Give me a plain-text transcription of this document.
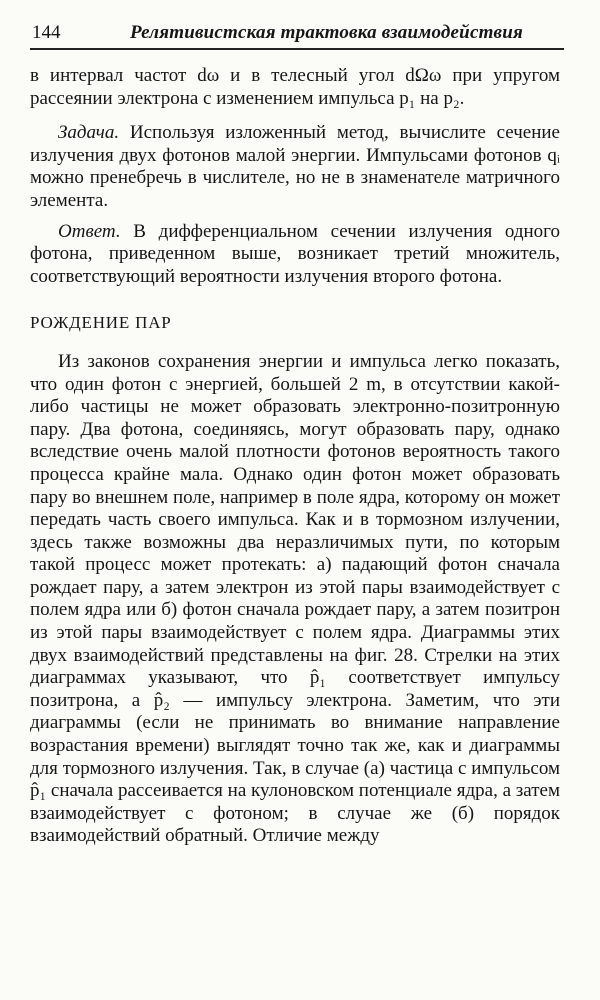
144	Релятивистская трактовка взаимодействия

в интервал частот dω и в телесный угол dΩω при упругом рассеянии электрона с изменением импульса p₁ на p₂.

Задача. Используя изложенный метод, вычислите сечение излучения двух фотонов малой энергии. Импульсами фотонов qᵢ можно пренебречь в числителе, но не в знаменателе матричного элемента.

Ответ. В дифференциальном сечении излучения одного фотона, приведенном выше, возникает третий множитель, соответствующий вероятности излучения второго фотона.

РОЖДЕНИЕ ПАР

Из законов сохранения энергии и импульса легко показать, что один фотон с энергией, большей 2 m, в отсутствии какой-либо частицы не может образовать электронно-позитронную пару. Два фотона, соединяясь, могут образовать пару, однако вследствие очень малой плотности фотонов вероятность такого процесса крайне мала. Однако один фотон может образовать пару во внешнем поле, например в поле ядра, которому он может передать часть своего импульса. Как и в тормозном излучении, здесь также возможны два неразличимых пути, по которым такой процесс может протекать: а) падающий фотон сначала рождает пару, а затем электрон из этой пары взаимодействует с полем ядра или б) фотон сначала рождает пару, а затем позитрон из этой пары взаимодействует с полем ядра. Диаграммы этих двух взаимодействий представлены на фиг. 28. Стрелки на этих диаграммах указывают, что p̂₁ соответствует импульсу позитрона, а p̂₂ — импульсу электрона. Заметим, что эти диаграммы (если не принимать во внимание направление возрастания времени) выглядят точно так же, как и диаграммы для тормозного излучения. Так, в случае (а) частица с импульсом p̂₁ сначала рассеивается на кулоновском потенциале ядра, а затем взаимодействует с фотоном; в случае же (б) порядок взаимодействий обратный. Отличие между
